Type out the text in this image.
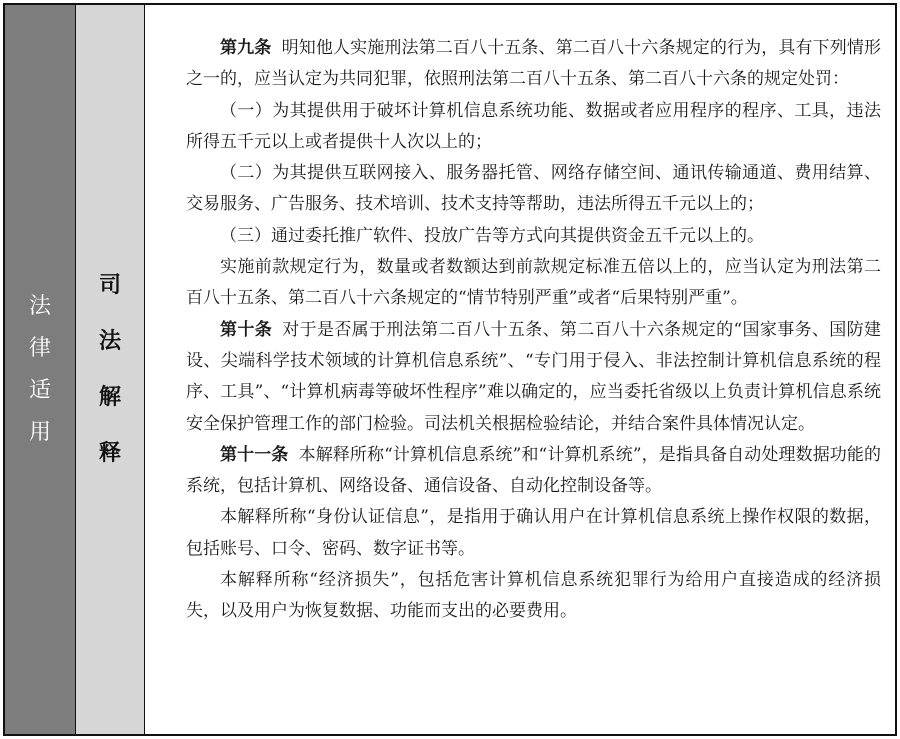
法
律
适
用
司
法
解
释

第九条 明知他人实施刑法第二百八十五条、第二百八十六条规定的行为，具有下列情形之一的，应当认定为共同犯罪，依照刑法第二百八十五条、第二百八十六条的规定处罚：

（一）为其提供用于破坏计算机信息系统功能、数据或者应用程序的程序、工具，违法所得五千元以上或者提供十人次以上的；

（二）为其提供互联网接入、服务器托管、网络存储空间、通讯传输通道、费用结算、交易服务、广告服务、技术培训、技术支持等帮助，违法所得五千元以上的；

（三）通过委托推广软件、投放广告等方式向其提供资金五千元以上的。

实施前款规定行为，数量或者数额达到前款规定标准五倍以上的，应当认定为刑法第二百八十五条、第二百八十六条规定的“情节特别严重”或者“后果特别严重”。

第十条 对于是否属于刑法第二百八十五条、第二百八十六条规定的“国家事务、国防建设、尖端科学技术领域的计算机信息系统”、“专门用于侵入、非法控制计算机信息系统的程序、工具”、“计算机病毒等破坏性程序”难以确定的，应当委托省级以上负责计算机信息系统安全保护管理工作的部门检验。司法机关根据检验结论，并结合案件具体情况认定。

第十一条 本解释所称“计算机信息系统”和“计算机系统”，是指具备自动处理数据功能的系统，包括计算机、网络设备、通信设备、自动化控制设备等。

本解释所称“身份认证信息”，是指用于确认用户在计算机信息系统上操作权限的数据，包括账号、口令、密码、数字证书等。

本解释所称“经济损失”，包括危害计算机信息系统犯罪行为给用户直接造成的经济损失，以及用户为恢复数据、功能而支出的必要费用。
